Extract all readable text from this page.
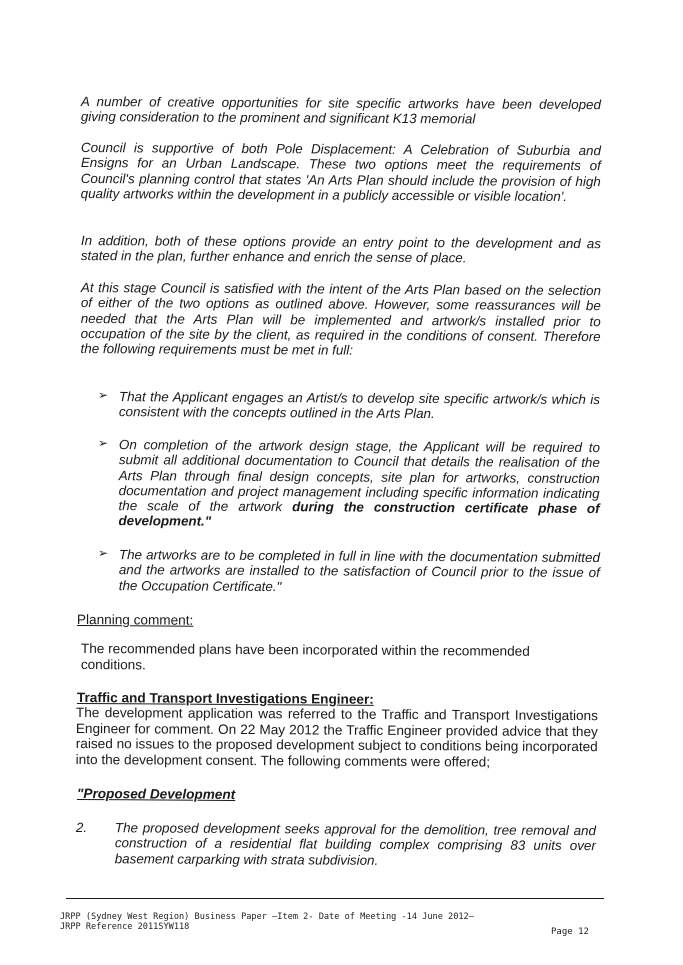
A number of creative opportunities for site specific artworks have been developed giving consideration to the prominent and significant K13 memorial
Council is supportive of both Pole Displacement: A Celebration of Suburbia and Ensigns for an Urban Landscape. These two options meet the requirements of Council's planning control that states 'An Arts Plan should include the provision of high quality artworks within the development in a publicly accessible or visible location'.
In addition, both of these options provide an entry point to the development and as stated in the plan, further enhance and enrich the sense of place.
At this stage Council is satisfied with the intent of the Arts Plan based on the selection of either of the two options as outlined above. However, some reassurances will be needed that the Arts Plan will be implemented and artwork/s installed prior to occupation of the site by the client, as required in the conditions of consent. Therefore the following requirements must be met in full:
➢ That the Applicant engages an Artist/s to develop site specific artwork/s which is consistent with the concepts outlined in the Arts Plan.
➢ On completion of the artwork design stage, the Applicant will be required to submit all additional documentation to Council that details the realisation of the Arts Plan through final design concepts, site plan for artworks, construction documentation and project management including specific information indicating the scale of the artwork during the construction certificate phase of development."
➢ The artworks are to be completed in full in line with the documentation submitted and the artworks are installed to the satisfaction of Council prior to the issue of the Occupation Certificate."
Planning comment:
The recommended plans have been incorporated within the recommended conditions.
Traffic and Transport Investigations Engineer:
The development application was referred to the Traffic and Transport Investigations Engineer for comment. On 22 May 2012 the Traffic Engineer provided advice that they raised no issues to the proposed development subject to conditions being incorporated into the development consent. The following comments were offered;
"Proposed Development
2. The proposed development seeks approval for the demolition, tree removal and construction of a residential flat building complex comprising 83 units over basement carparking with strata subdivision.
JRPP (Sydney West Region) Business Paper –Item 2- Date of Meeting -14 June 2012–
JRPP Reference 2011SYW118	Page 12
